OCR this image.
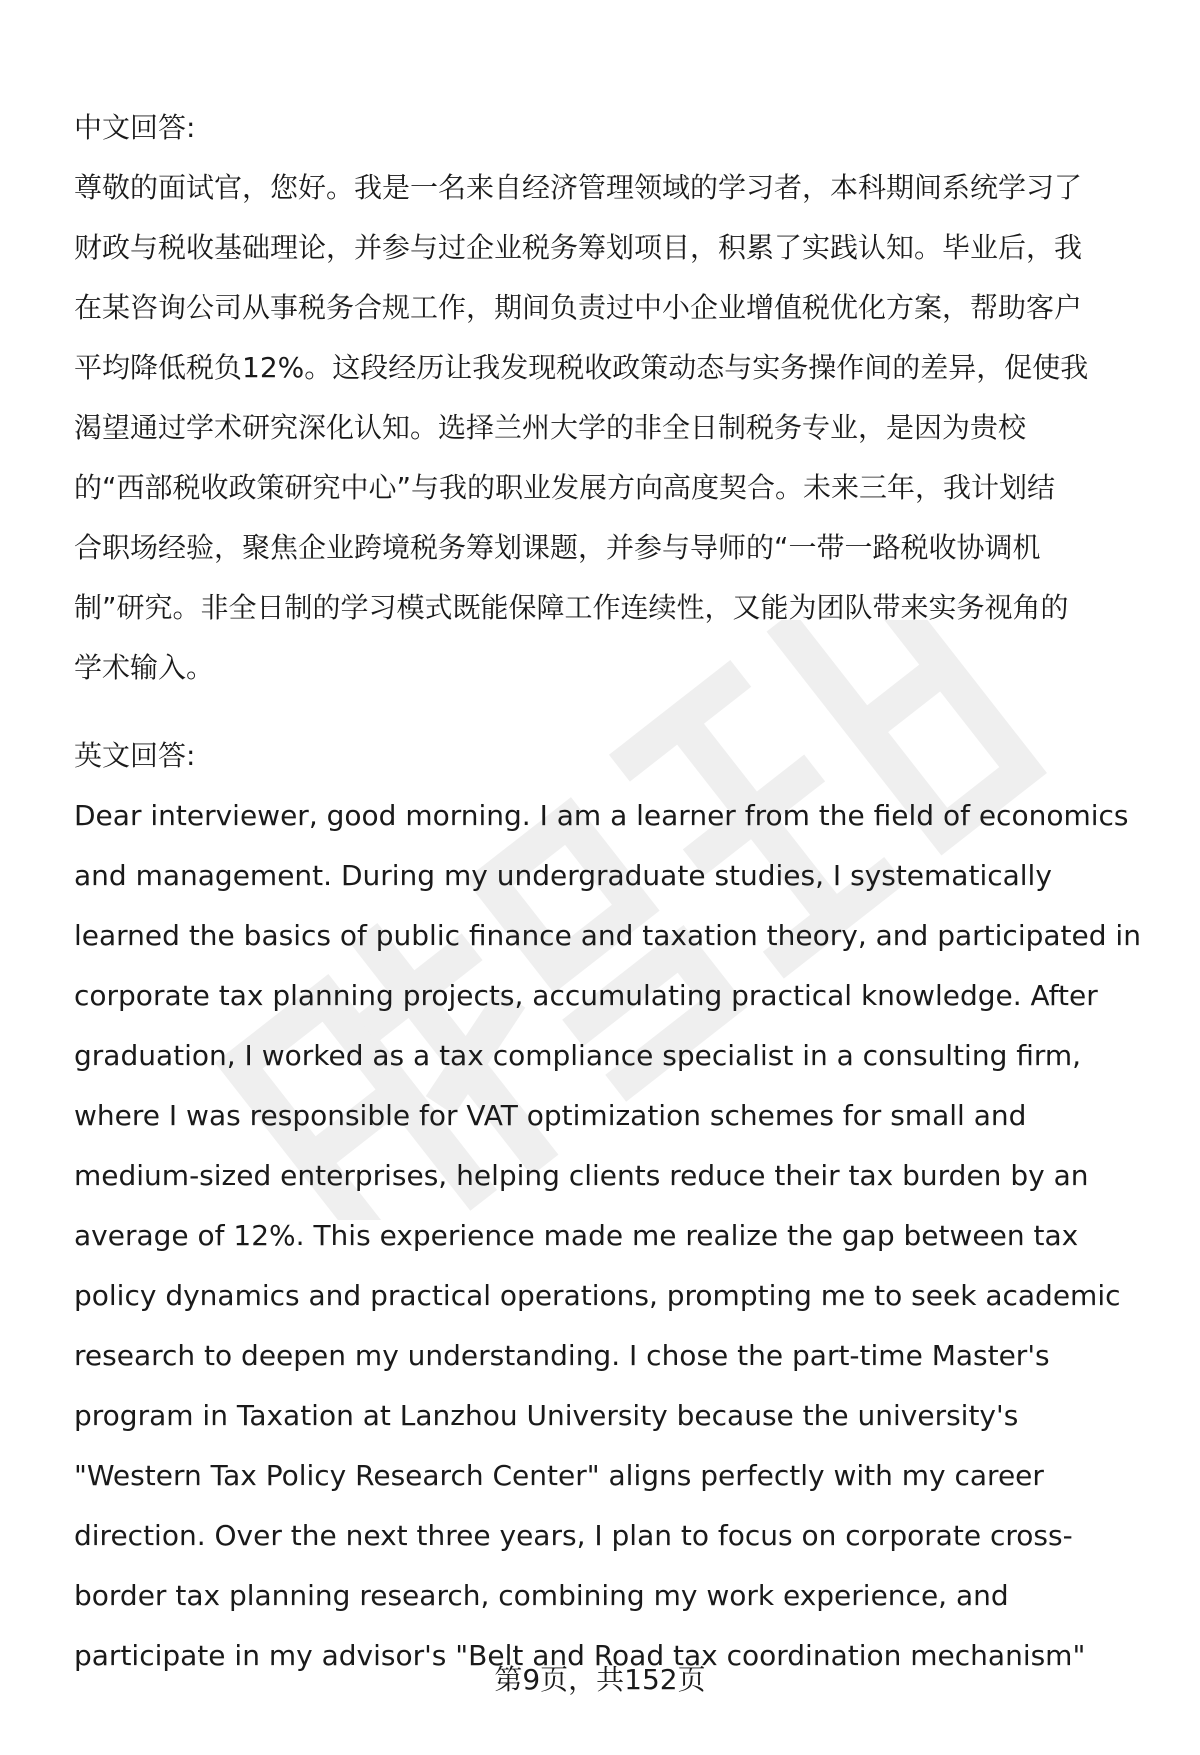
中文回答:
尊敬的面试官，您好。我是一名来自经济管理领域的学习者，本科期间系统学习了
财政与税收基础理论，并参与过企业税务筹划项目，积累了实践认知。毕业后，我
在某咨询公司从事税务合规工作，期间负责过中小企业增值税优化方案，帮助客户
平均降低税负12%。这段经历让我发现税收政策动态与实务操作间的差异，促使我
渴望通过学术研究深化认知。选择兰州大学的非全日制税务专业，是因为贵校
的“西部税收政策研究中心”与我的职业发展方向高度契合。未来三年，我计划结
合职场经验，聚焦企业跨境税务筹划课题，并参与导师的“一带一路税收协调机
制”研究。非全日制的学习模式既能保障工作连续性，又能为团队带来实务视角的
学术输入。
英文回答:
Dear interviewer, good morning. I am a learner from the field of economics
and management. During my undergraduate studies, I systematically
learned the basics of public finance and taxation theory, and participated in
corporate tax planning projects, accumulating practical knowledge. After
graduation, I worked as a tax compliance specialist in a consulting firm,
where I was responsible for VAT optimization schemes for small and
medium-sized enterprises, helping clients reduce their tax burden by an
average of 12%. This experience made me realize the gap between tax
policy dynamics and practical operations, prompting me to seek academic
research to deepen my understanding. I chose the part-time Master's
program in Taxation at Lanzhou University because the university's
"Western Tax Policy Research Center" aligns perfectly with my career
direction. Over the next three years, I plan to focus on corporate cross-
border tax planning research, combining my work experience, and
participate in my advisor's "Belt and Road tax coordination mechanism"
第9页，共152页
